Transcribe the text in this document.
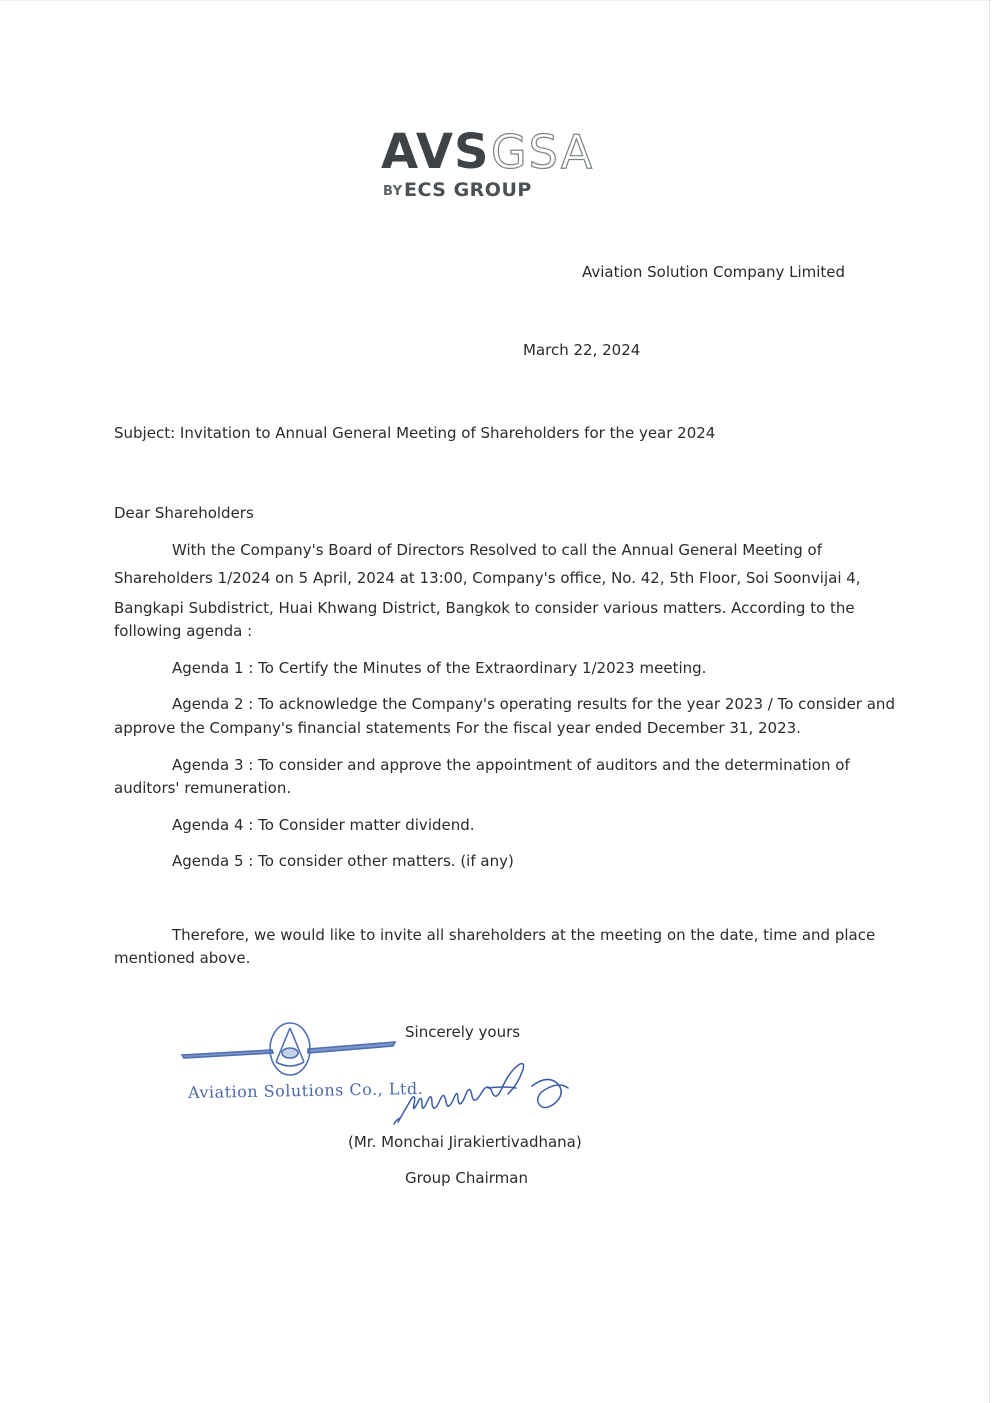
AVS GSA
BY ECS GROUP
Aviation Solution Company Limited
March 22, 2024
Subject: Invitation to Annual General Meeting of Shareholders for the year 2024
Dear Shareholders
With the Company's Board of Directors Resolved to call the Annual General Meeting of
Shareholders 1/2024 on 5 April, 2024 at 13:00, Company's office, No. 42, 5th Floor, Soi Soonvijai 4,
Bangkapi Subdistrict, Huai Khwang District, Bangkok to consider various matters. According to the
following agenda :
Agenda 1 : To Certify the Minutes of the Extraordinary 1/2023 meeting.
Agenda 2 : To acknowledge the Company's operating results for the year 2023 / To consider and
approve the Company's financial statements For the fiscal year ended December 31, 2023.
Agenda 3 : To consider and approve the appointment of auditors and the determination of
auditors' remuneration.
Agenda 4 : To Consider matter dividend.
Agenda 5 : To consider other matters. (if any)
Therefore, we would like to invite all shareholders at the meeting on the date, time and place
mentioned above.
Sincerely yours
Aviation Solutions Co., Ltd.
(Mr. Monchai Jirakiertivadhana)
Group Chairman
